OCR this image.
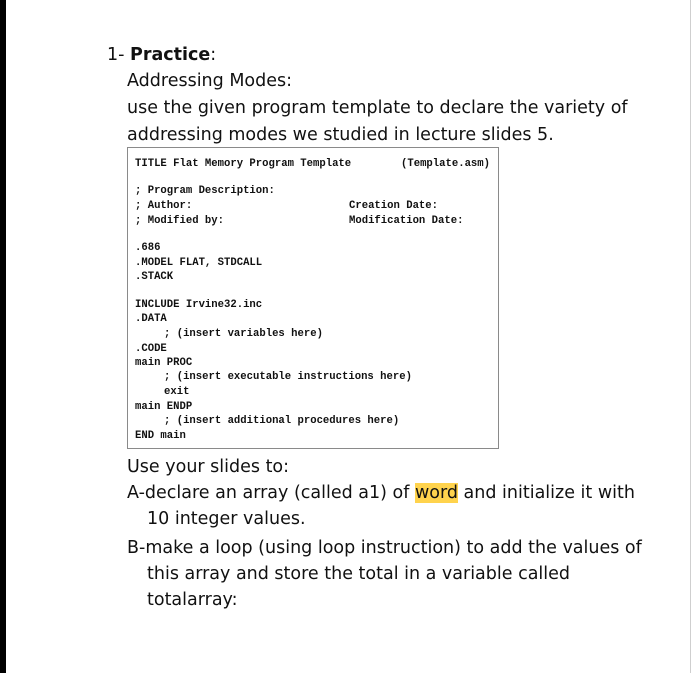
1- Practice:
Addressing Modes:
use the given program template to declare the variety of
addressing modes we studied in lecture slides 5.
TITLE Flat Memory Program Template	(Template.asm)
; Program Description:
; Author:	Creation Date:
; Modified by:	Modification Date:
.686
.MODEL FLAT, STDCALL
.STACK
INCLUDE Irvine32.inc
.DATA
; (insert variables here)
.CODE
main PROC
; (insert executable instructions here)
exit
main ENDP
; (insert additional procedures here)
END main
Use your slides to:
A-declare an array (called a1) of word and initialize it with
10 integer values.
B-make a loop (using loop instruction) to add the values of
this array and store the total in a variable called
totalarray:
